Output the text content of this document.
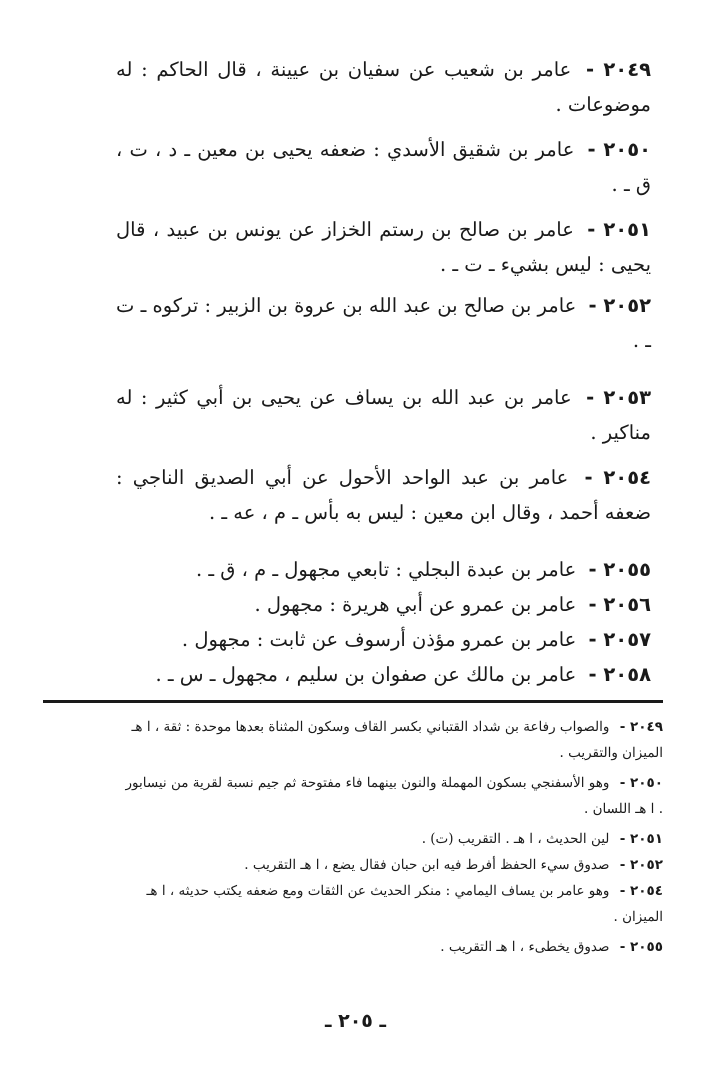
٢٠٤٩ - عامر بن شعيب عن سفيان بن عيينة ، قال الحاكم : له موضوعات .

٢٠٥٠ - عامر بن شقيق الأسدي : ضعفه يحيى بن معين ـ د ، ت ، ق ـ .

٢٠٥١ - عامر بن صالح بن رستم الخزاز عن يونس بن عبيد ، قال يحيى : ليس بشيء ـ ت ـ .

٢٠٥٢ - عامر بن صالح بن عبد الله بن عروة بن الزبير : تركوه ـ ت ـ .

٢٠٥٣ - عامر بن عبد الله بن يساف عن يحيى بن أبي كثير : له مناكير .

٢٠٥٤ - عامر بن عبد الواحد الأحول عن أبي الصديق الناجي : ضعفه أحمد ، وقال ابن معين : ليس به بأس ـ م ، عه ـ .

٢٠٥٥ - عامر بن عبدة البجلي : تابعي مجهول ـ م ، ق ـ .

٢٠٥٦ - عامر بن عمرو عن أبي هريرة : مجهول .

٢٠٥٧ - عامر بن عمرو مؤذن أرسوف عن ثابت : مجهول .

٢٠٥٨ - عامر بن مالك عن صفوان بن سليم ، مجهول ـ س ـ .

٢٠٤٩ - والصواب رفاعة بن شداد القتباني بكسر القاف وسكون المثناة بعدها موحدة : ثقة ، ا هـ الميزان والتقريب .

٢٠٥٠ - وهو الأسفنجي بسكون المهملة والنون بينهما فاء مفتوحة ثم جيم نسبة لقرية من نيسابور . ا هـ اللسان .

٢٠٥١ - لين الحديث ، ا هـ . التقريب (ت) .

٢٠٥٢ - صدوق سيء الحفظ أفرط فيه ابن حبان فقال يضع ، ا هـ التقريب .

٢٠٥٤ - وهو عامر بن يساف اليمامي : منكر الحديث عن الثقات ومع ضعفه يكتب حديثه ، ا هـ الميزان .

٢٠٥٥ - صدوق يخطىء ، ا هـ التقريب .

ـ ٢٠٥ ـ
